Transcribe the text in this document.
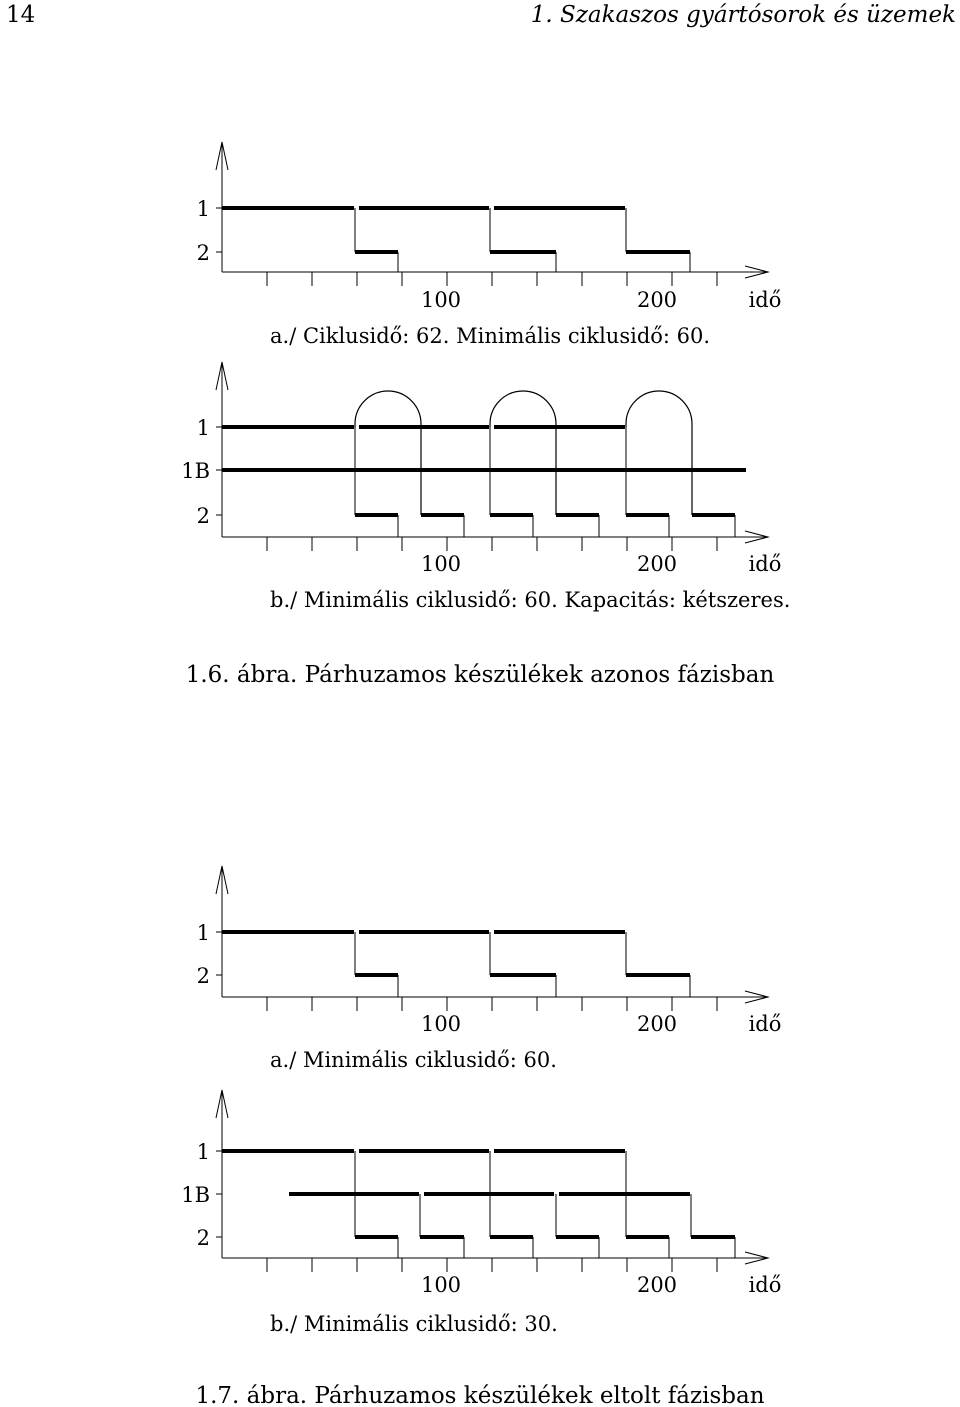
14	1. Szakaszos gyártósorok és üzemek
1
2
100	200	idő
a./ Ciklusidő: 62. Minimális ciklusidő: 60.
1
1B
2
100	200	idő
b./ Minimális ciklusidő: 60. Kapacitás: kétszeres.
1.6. ábra. Párhuzamos készülékek azonos fázisban
1
2
100	200	idő
a./ Minimális ciklusidő: 60.
1
1B
2
100	200	idő
b./ Minimális ciklusidő: 30.
1.7. ábra. Párhuzamos készülékek eltolt fázisban
